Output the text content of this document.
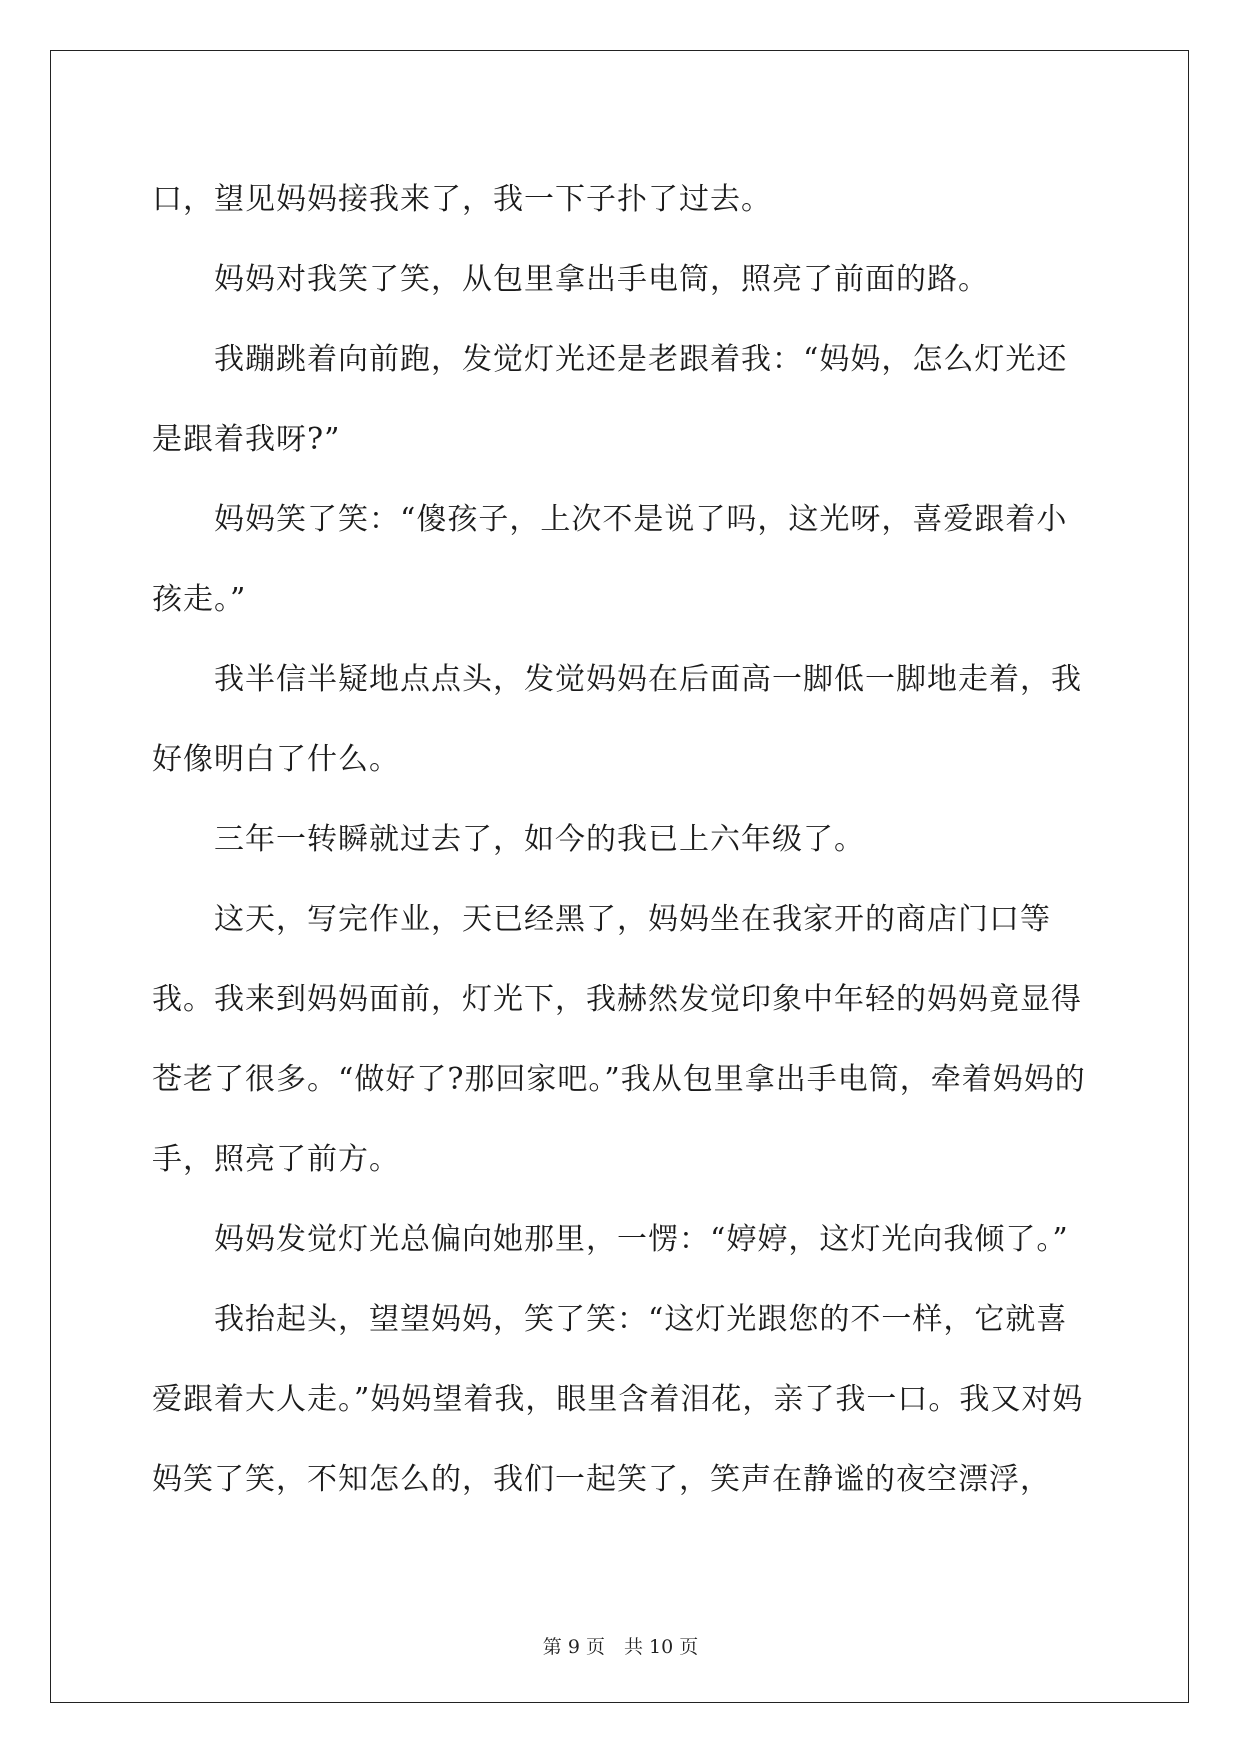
口，望见妈妈接我来了，我一下子扑了过去。

妈妈对我笑了笑，从包里拿出手电筒，照亮了前面的路。

我蹦跳着向前跑，发觉灯光还是老跟着我：“妈妈，怎么灯光还是跟着我呀?”

妈妈笑了笑：“傻孩子，上次不是说了吗，这光呀，喜爱跟着小孩走。”

我半信半疑地点点头，发觉妈妈在后面高一脚低一脚地走着，我好像明白了什么。

三年一转瞬就过去了，如今的我已上六年级了。

这天，写完作业，天已经黑了，妈妈坐在我家开的商店门口等我。我来到妈妈面前，灯光下，我赫然发觉印象中年轻的妈妈竟显得苍老了很多。“做好了?那回家吧。”我从包里拿出手电筒，牵着妈妈的手，照亮了前方。

妈妈发觉灯光总偏向她那里，一愣：“婷婷，这灯光向我倾了。”

我抬起头，望望妈妈，笑了笑：“这灯光跟您的不一样，它就喜爱跟着大人走。”妈妈望着我，眼里含着泪花，亲了我一口。我又对妈妈笑了笑，不知怎么的，我们一起笑了，笑声在静谧的夜空漂浮，

第 9 页　共 10 页
